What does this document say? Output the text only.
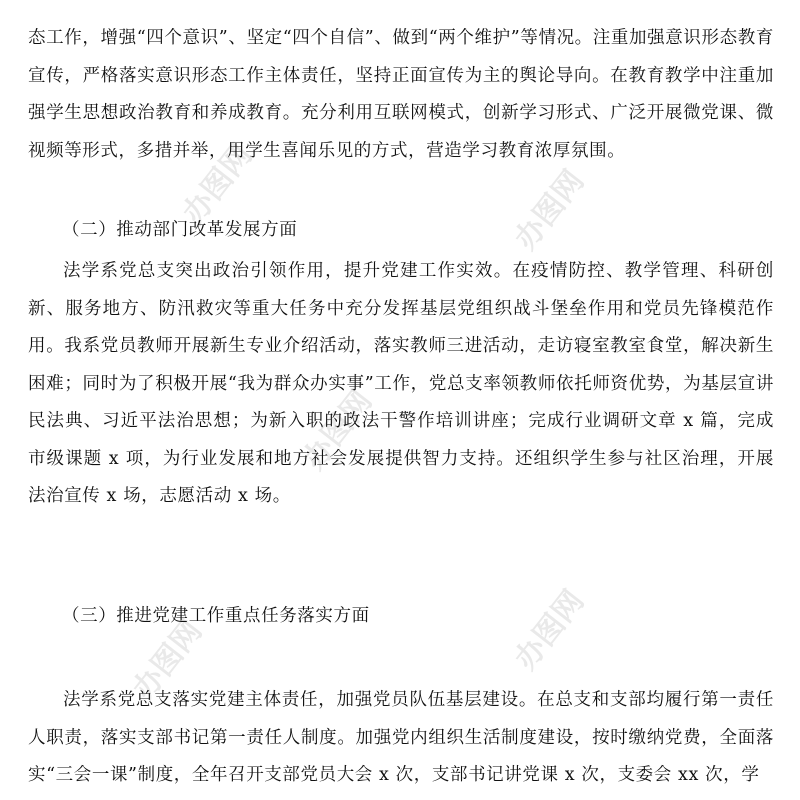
办图网
办图网
办图网
办图网
办图网

态工作，增强“四个意识”、坚定“四个自信”、做到“两个维护”等情况。注重加强意识形态教育宣传，严格落实意识形态工作主体责任，坚持正面宣传为主的舆论导向。在教育教学中注重加强学生思想政治教育和养成教育。充分利用互联网模式，创新学习形式、广泛开展微党课、微视频等形式，多措并举，用学生喜闻乐见的方式，营造学习教育浓厚氛围。

（二）推动部门改革发展方面

法学系党总支突出政治引领作用，提升党建工作实效。在疫情防控、教学管理、科研创新、服务地方、防汛救灾等重大任务中充分发挥基层党组织战斗堡垒作用和党员先锋模范作用。我系党员教师开展新生专业介绍活动，落实教师三进活动，走访寝室教室食堂，解决新生困难；同时为了积极开展“我为群众办实事”工作，党总支率领教师依托师资优势，为基层宣讲民法典、习近平法治思想；为新入职的政法干警作培训讲座；完成行业调研文章 x 篇，完成市级课题 x 项，为行业发展和地方社会发展提供智力支持。还组织学生参与社区治理，开展法治宣传 x 场，志愿活动 x 场。

（三）推进党建工作重点任务落实方面

法学系党总支落实党建主体责任，加强党员队伍基层建设。在总支和支部均履行第一责任人职责，落实支部书记第一责任人制度。加强党内组织生活制度建设，按时缴纳党费，全面落实“三会一课”制度，全年召开支部党员大会 x 次，支部书记讲党课 x 次，支委会 xx 次，学
